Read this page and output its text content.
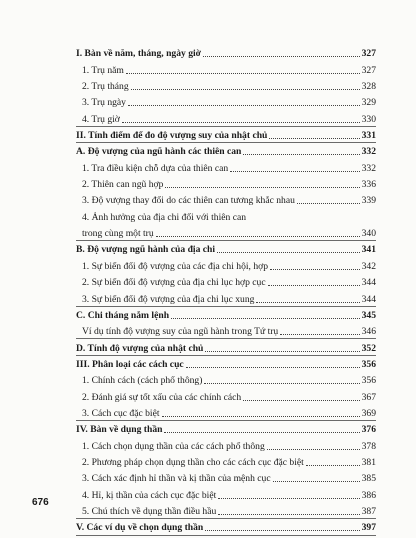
I. Bàn về năm, tháng, ngày giờ	327
1. Trụ năm	327
2. Trụ tháng	328
3. Trụ ngày	329
4. Trụ giờ	330
II. Tính điểm để đo độ vượng suy của nhật chủ	331
A. Độ vượng của ngũ hành các thiên can	332
1. Tra điều kiện chỗ dựa của thiên can	332
2. Thiên can ngũ hợp	336
3. Độ vượng thay đổi do các thiên can tương khắc nhau	339
4. Ảnh hưởng của địa chi đối với thiên can
trong cùng một trụ	340
B. Độ vượng ngũ hành của địa chi	341
1. Sự biến đổi độ vượng của các địa chi hội, hợp	342
2. Sự biến đổi độ vượng của địa chi lục hợp cục	344
3. Sự biến đổi độ vượng của địa chi lục xung	344
C. Chi tháng nắm lệnh	345
Ví dụ tính độ vượng suy của ngũ hành trong Tứ trụ	346
D. Tính độ vượng của nhật chủ	352
III. Phân loại các cách cục	356
1. Chính cách (cách phổ thông)	356
2. Đánh giá sự tốt xấu của các chính cách	367
3. Cách cục đặc biệt	369
IV. Bàn về dụng thần	376
1. Cách chọn dụng thần của các cách phổ thông	378
2. Phương pháp chọn dụng thần cho các cách cục đặc biệt	381
3. Cách xác định hỉ thần và kị thần của mệnh cục	385
4. Hỉ, kị thần của cách cục đặc biệt	386
5. Chú thích về dụng thần điều hầu	387
V. Các ví dụ về chọn dụng thần	397
676
